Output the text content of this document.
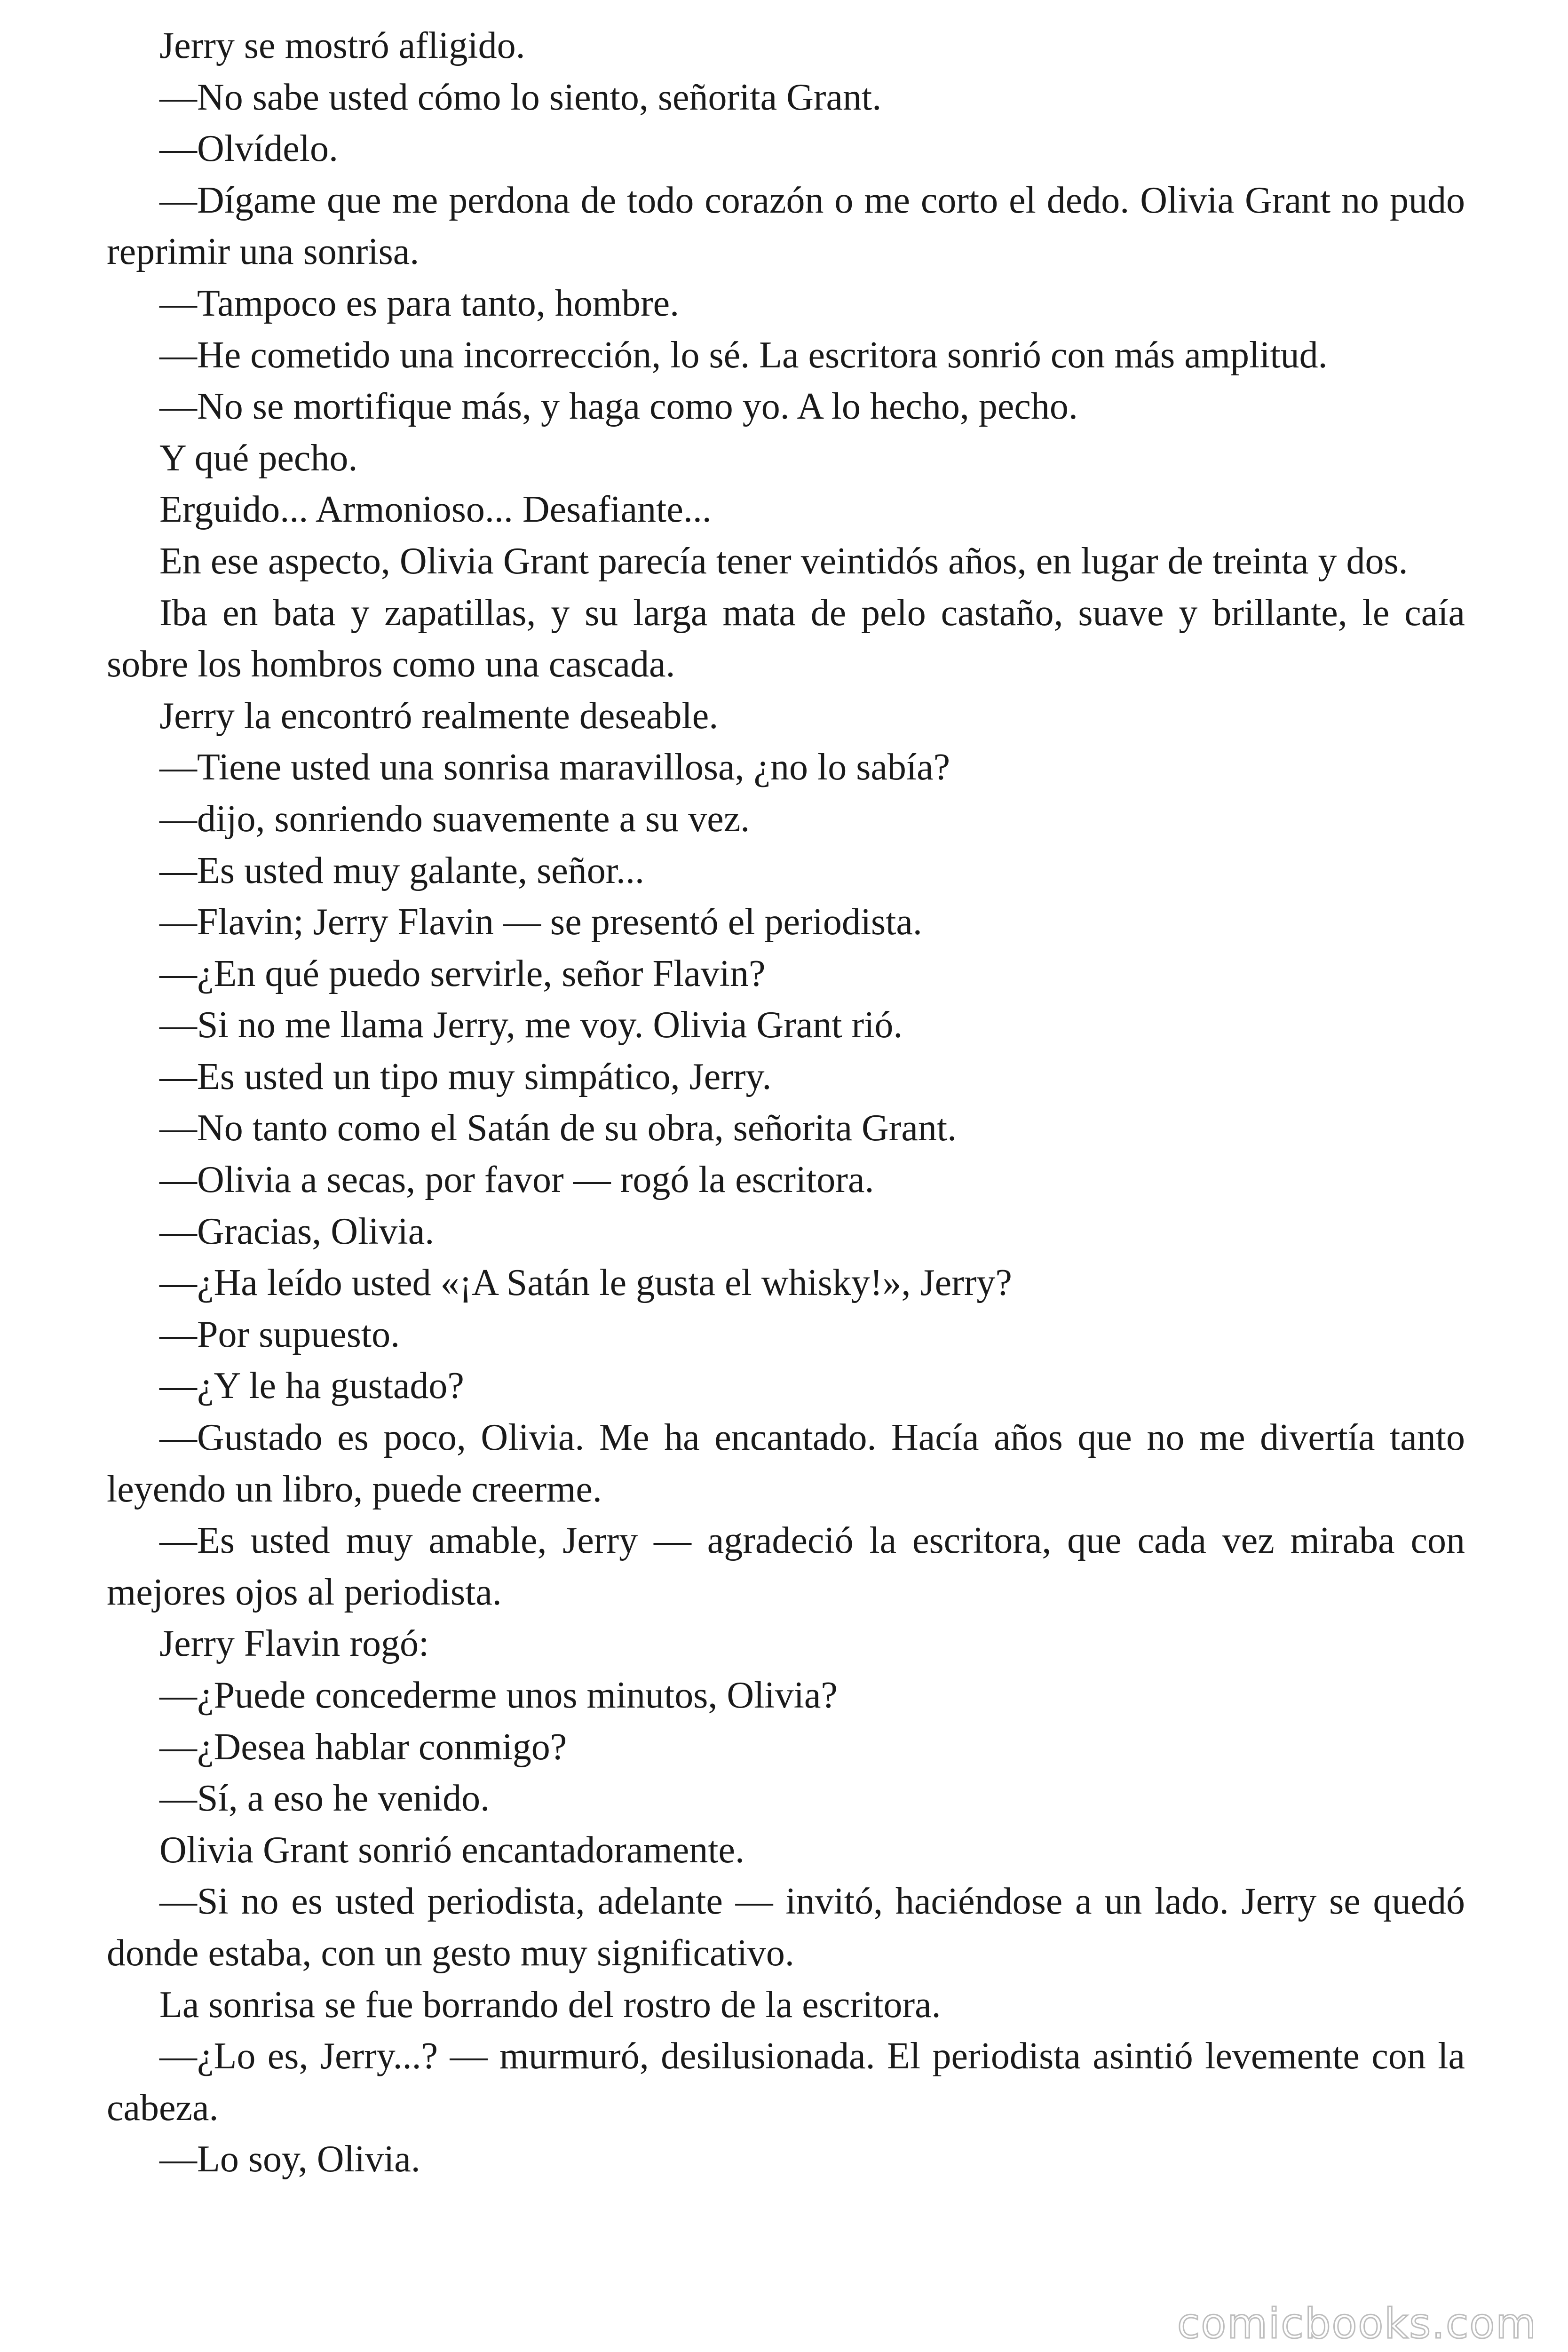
Jerry se mostró afligido.

—No sabe usted cómo lo siento, señorita Grant.

—Olvídelo.

—Dígame que me perdona de todo corazón o me corto el dedo. Olivia Grant no pudo reprimir una sonrisa.

—Tampoco es para tanto, hombre.

—He cometido una incorrección, lo sé. La escritora sonrió con más amplitud.

—No se mortifique más, y haga como yo. A lo hecho, pecho.

Y qué pecho.

Erguido... Armonioso... Desafiante...

En ese aspecto, Olivia Grant parecía tener veintidós años, en lugar de treinta y dos.

Iba en bata y zapatillas, y su larga mata de pelo castaño, suave y brillante, le caía sobre los hombros como una cascada.

Jerry la encontró realmente deseable.

—Tiene usted una sonrisa maravillosa, ¿no lo sabía?

—dijo, sonriendo suavemente a su vez.

—Es usted muy galante, señor...

—Flavin; Jerry Flavin — se presentó el periodista.

—¿En qué puedo servirle, señor Flavin?

—Si no me llama Jerry, me voy. Olivia Grant rió.

—Es usted un tipo muy simpático, Jerry.

—No tanto como el Satán de su obra, señorita Grant.

—Olivia a secas, por favor — rogó la escritora.

—Gracias, Olivia.

—¿Ha leído usted «¡A Satán le gusta el whisky!», Jerry?

—Por supuesto.

—¿Y le ha gustado?

—Gustado es poco, Olivia. Me ha encantado. Hacía años que no me divertía tanto leyendo un libro, puede creerme.

—Es usted muy amable, Jerry — agradeció la escritora, que cada vez miraba con mejores ojos al periodista.

Jerry Flavin rogó:

—¿Puede concederme unos minutos, Olivia?

—¿Desea hablar conmigo?

—Sí, a eso he venido.

Olivia Grant sonrió encantadoramente.

—Si no es usted periodista, adelante — invitó, haciéndose a un lado. Jerry se quedó donde estaba, con un gesto muy significativo.

La sonrisa se fue borrando del rostro de la escritora.

—¿Lo es, Jerry...? — murmuró, desilusionada. El periodista asintió levemente con la cabeza.

—Lo soy, Olivia.

comicbooks.com
